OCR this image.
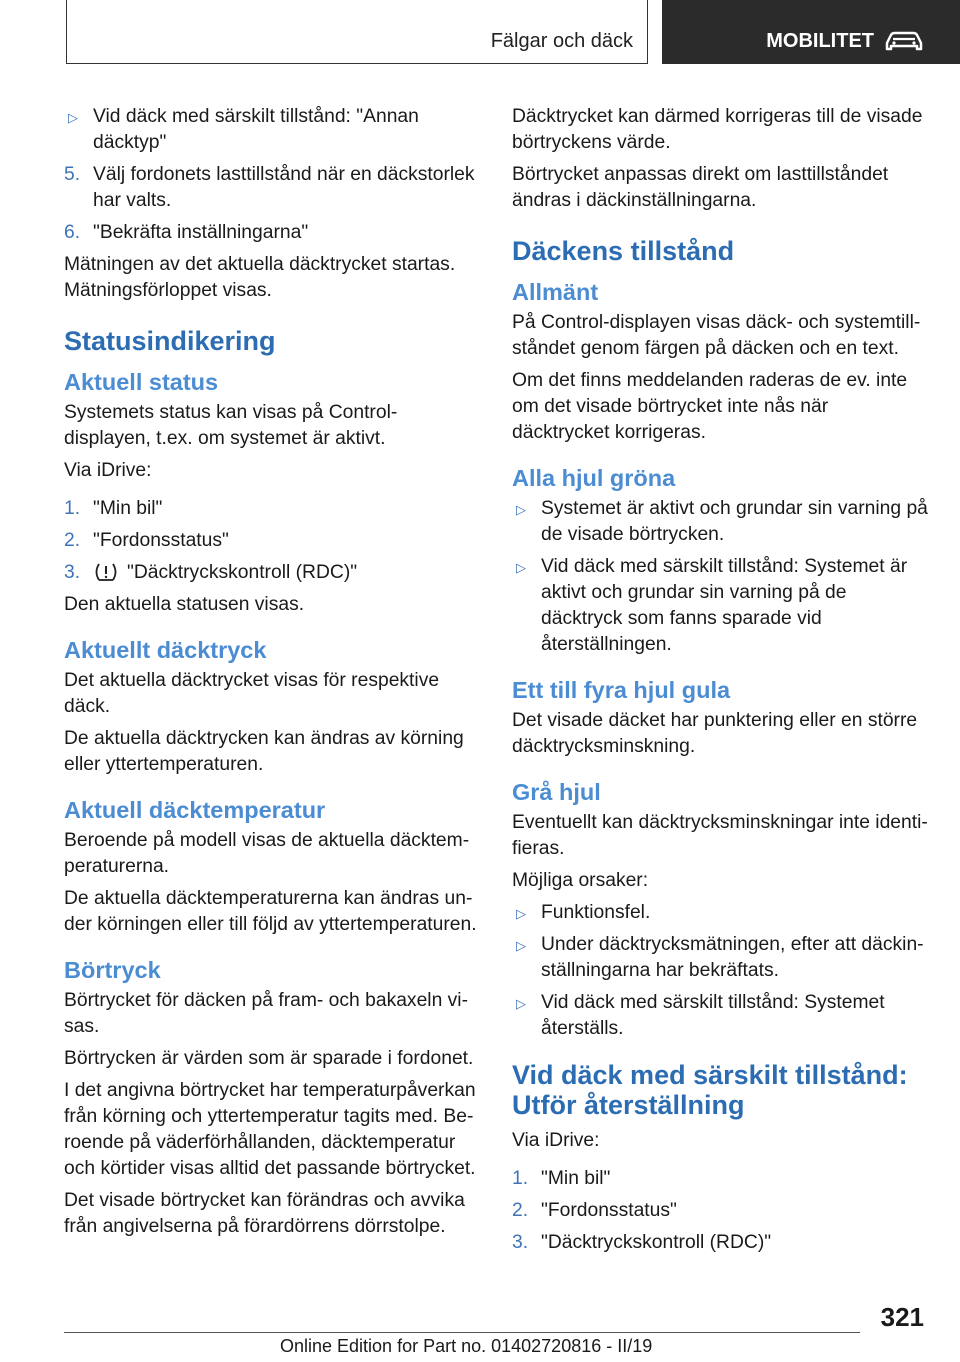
Fälgar och däck	MOBILITET
▷ Vid däck med särskilt tillstånd: "Annan däcktyp"
5. Välj fordonets lasttillstånd när en däckstorlek har valts.
6. "Bekräfta inställningarna"

Mätningen av det aktuella däcktrycket startas. Mätningsförloppet visas.

Statusindikering
Aktuell status

Systemets status kan visas på Control-displayen, t.ex. om systemet är aktivt.

Via iDrive:

1. "Min bil"
2. "Fordonsstatus"
3. "Däcktryckskontroll (RDC)"

Den aktuella statusen visas.

Aktuellt däcktryck

Det aktuella däcktrycket visas för respektive däck.

De aktuella däcktrycken kan ändras av körning eller yttertemperaturen.

Aktuell däcktemperatur

Beroende på modell visas de aktuella däcktemperaturerna.

De aktuella däcktemperaturerna kan ändras under körningen eller till följd av yttertemperaturen.

Börtryck

Börtrycket för däcken på fram- och bakaxeln visas.

Börtrycken är värden som är sparade i fordonet.

I det angivna börtrycket har temperaturpåverkan från körning och yttertemperatur tagits med. Beroende på väderförhållanden, däcktemperatur och körtider visas alltid det passande börtrycket.

Det visade börtrycket kan förändras och avvika från angivelserna på förardörrens dörrstolpe.

Däcktrycket kan därmed korrigeras till de visade börtryckens värde.

Börtrycket anpassas direkt om lasttillståndet ändras i däckinställningarna.

Däckens tillstånd
Allmänt

På Control-displayen visas däck- och systemtillståndet genom färgen på däcken och en text.

Om det finns meddelanden raderas de ev. inte om det visade börtrycket inte nås när däcktrycket korrigeras.

Alla hjul gröna
▷ Systemet är aktivt och grundar sin varning på de visade börtrycken.
▷ Vid däck med särskilt tillstånd: Systemet är aktivt och grundar sin varning på de däcktryck som fanns sparade vid återställningen.
Ett till fyra hjul gula

Det visade däcket har punktering eller en större däcktrycksminskning.

Grå hjul

Eventuellt kan däcktrycksminskningar inte identifieras.

Möjliga orsaker:

▷ Funktionsfel.
▷ Under däcktrycksmätningen, efter att däckinställningarna har bekräftats.
▷ Vid däck med särskilt tillstånd: Systemet återställs.
Vid däck med särskilt tillstånd: Utför återställning

Via iDrive:

1. "Min bil"
2. "Fordonsstatus"
3. "Däcktryckskontroll (RDC)"
321
Online Edition for Part no. 01402720816 - II/19
